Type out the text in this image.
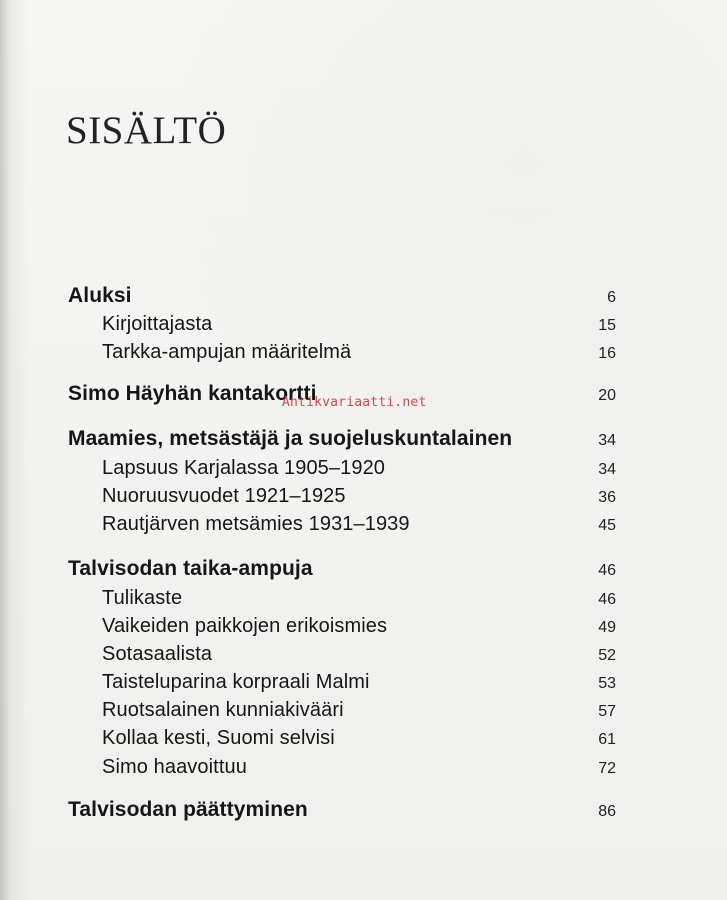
SISÄLTÖ
Aluksi	6
Kirjoittajasta	15
Tarkka-ampujan määritelmä	16
Simo Häyhän kantakortti	20
Maamies, metsästäjä ja suojeluskuntalainen	34
Lapsuus Karjalassa 1905–1920	34
Nuoruusvuodet 1921–1925	36
Rautjärven metsämies 1931–1939	45
Talvisodan taika-ampuja	46
Tulikaste	46
Vaikeiden paikkojen erikoismies	49
Sotasaalista	52
Taisteluparina korpraali Malmi	53
Ruotsalainen kunniakivääri	57
Kollaa kesti, Suomi selvisi	61
Simo haavoittuu	72
Talvisodan päättyminen	86
Antikvariaatti.net
